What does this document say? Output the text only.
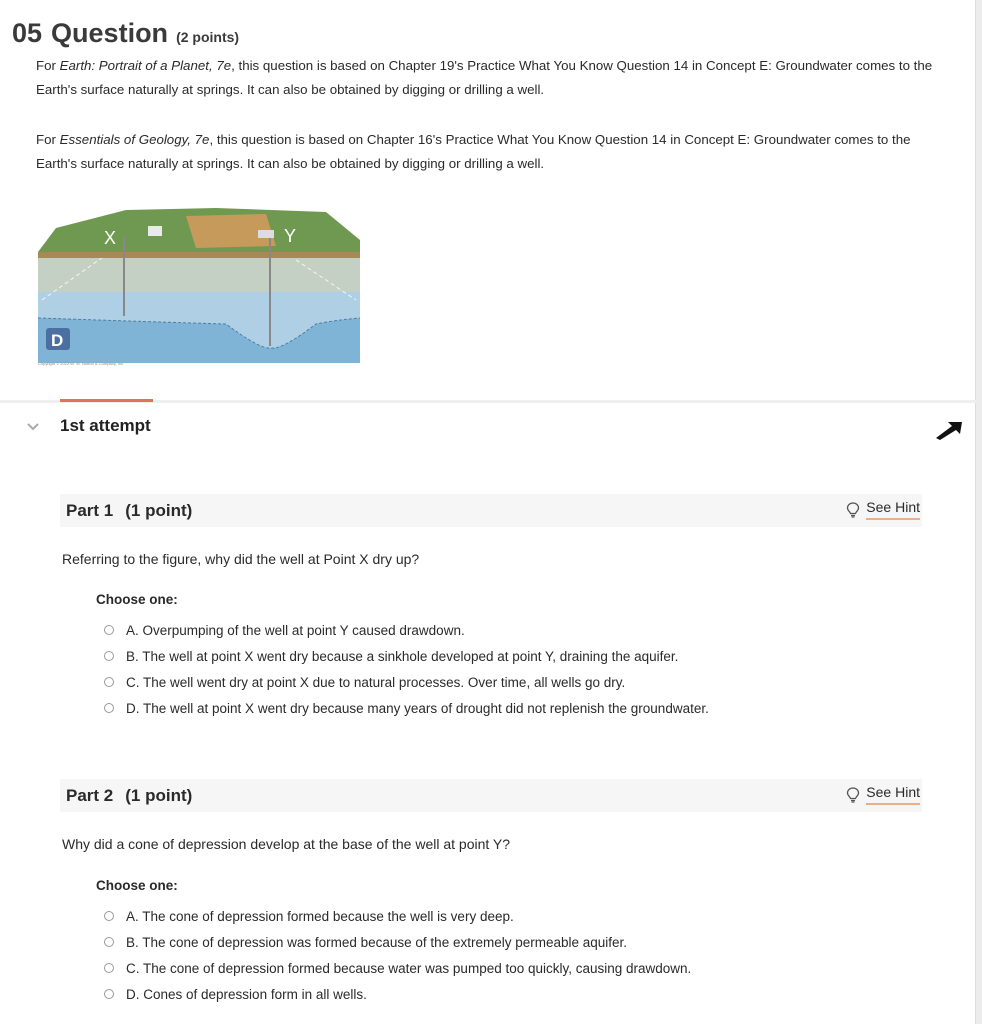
05 Question (2 points)
For Earth: Portrait of a Planet, 7e, this question is based on Chapter 19's Practice What You Know Question 14 in Concept E: Groundwater comes to the Earth's surface naturally at springs. It can also be obtained by digging or drilling a well.
For Essentials of Geology, 7e, this question is based on Chapter 16's Practice What You Know Question 14 in Concept E: Groundwater comes to the Earth's surface naturally at springs. It can also be obtained by digging or drilling a well.
X	Y
D
Copyright © 2022 W. W. Norton & Company, Inc.
1st attempt
Part 1 (1 point)	See Hint
Referring to the figure, why did the well at Point X dry up?
Choose one:
A. Overpumping of the well at point Y caused drawdown.
B. The well at point X went dry because a sinkhole developed at point Y, draining the aquifer.
C. The well went dry at point X due to natural processes. Over time, all wells go dry.
D. The well at point X went dry because many years of drought did not replenish the groundwater.
Part 2 (1 point)	See Hint
Why did a cone of depression develop at the base of the well at point Y?
Choose one:
A. The cone of depression formed because the well is very deep.
B. The cone of depression was formed because of the extremely permeable aquifer.
C. The cone of depression formed because water was pumped too quickly, causing drawdown.
D. Cones of depression form in all wells.
